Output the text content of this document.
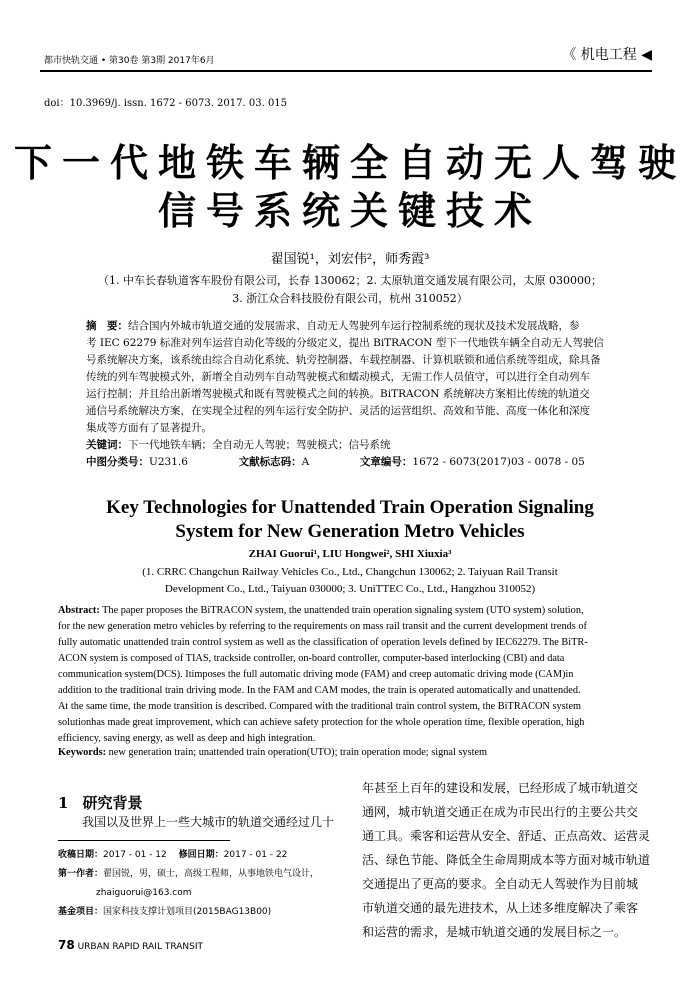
都市快轨交通 • 第30卷 第3期 2017年6月	《 机电工程 ◀
doi：10.3969/j. issn. 1672 - 6073. 2017. 03. 015
下一代地铁车辆全自动无人驾驶
信号系统关键技术
翟国锐¹，刘宏伟²，师秀霞³
（1. 中车长春轨道客车股份有限公司，长春 130062；2. 太原轨道交通发展有限公司，太原 030000；
3. 浙江众合科技股份有限公司，杭州 310052）
摘　要：结合国内外城市轨道交通的发展需求、自动无人驾驶列车运行控制系统的现状及技术发展战略，参
考 IEC 62279 标准对列车运营自动化等级的分级定义，提出 BiTRACON 型下一代地铁车辆全自动无人驾驶信
号系统解决方案，该系统由综合自动化系统、轨旁控制器、车载控制器、计算机联锁和通信系统等组成，除具备
传统的列车驾驶模式外，新增全自动列车自动驾驶模式和蠕动模式，无需工作人员值守，可以进行全自动列车
运行控制；并且给出新增驾驶模式和既有驾驶模式之间的转换。BiTRACON 系统解决方案相比传统的轨道交
通信号系统解决方案，在实现全过程的列车运行安全防护、灵活的运营组织、高效和节能、高度一体化和深度
集成等方面有了显著提升。
关键词：下一代地铁车辆；全自动无人驾驶；驾驶模式；信号系统
中图分类号：U231.6	文献标志码：A	文章编号：1672 - 6073(2017)03 - 0078 - 05
Key Technologies for Unattended Train Operation Signaling
System for New Generation Metro Vehicles
ZHAI Guorui¹, LIU Hongwei², SHI Xiuxia³
(1. CRRC Changchun Railway Vehicles Co., Ltd., Changchun 130062; 2. Taiyuan Rail Transit
Development Co., Ltd., Taiyuan 030000; 3. UniTTEC Co., Ltd., Hangzhou 310052)
Abstract: The paper proposes the BiTRACON system, the unattended train operation signaling system (UTO system) solution,
for the new generation metro vehicles by referring to the requirements on mass rail transit and the current development trends of
fully automatic unattended train control system as well as the classification of operation levels defined by IEC62279. The BiTR-
ACON system is composed of TIAS, trackside controller, on-board controller, computer-based interlocking (CBI) and data
communication system(DCS). Itimposes the full automatic driving mode (FAM) and creep automatic driving mode (CAM)in
addition to the traditional train driving mode. In the FAM and CAM modes, the train is operated automatically and unattended.
At the same time, the mode transition is described. Compared with the traditional train control system, the BiTRACON system
solutionhas made great improvement, which can achieve safety protection for the whole operation time, flexible operation, high
efficiency, saving energy, as well as deep and high integration.
Keywords: new generation train; unattended train operation(UTO); train operation mode; signal system
1 研究背景
我国以及世界上一些大城市的轨道交通经过几十
年甚至上百年的建设和发展，已经形成了城市轨道交
通网，城市轨道交通正在成为市民出行的主要公共交
通工具。乘客和运营从安全、舒适、正点高效、运营灵
活、绿色节能、降低全生命周期成本等方面对城市轨道
交通提出了更高的要求。全自动无人驾驶作为目前城
市轨道交通的最先进技术，从上述多维度解决了乘客
和运营的需求，是城市轨道交通的发展目标之一。
收稿日期：2017 - 01 - 12　 修回日期：2017 - 01 - 22
第一作者：翟国锐，男，硕士，高级工程师，从事地铁电气设计，
zhaiguorui@163.com
基金项目：国家科技支撑计划项目(2015BAG13B00)
78 URBAN RAPID RAIL TRANSIT
